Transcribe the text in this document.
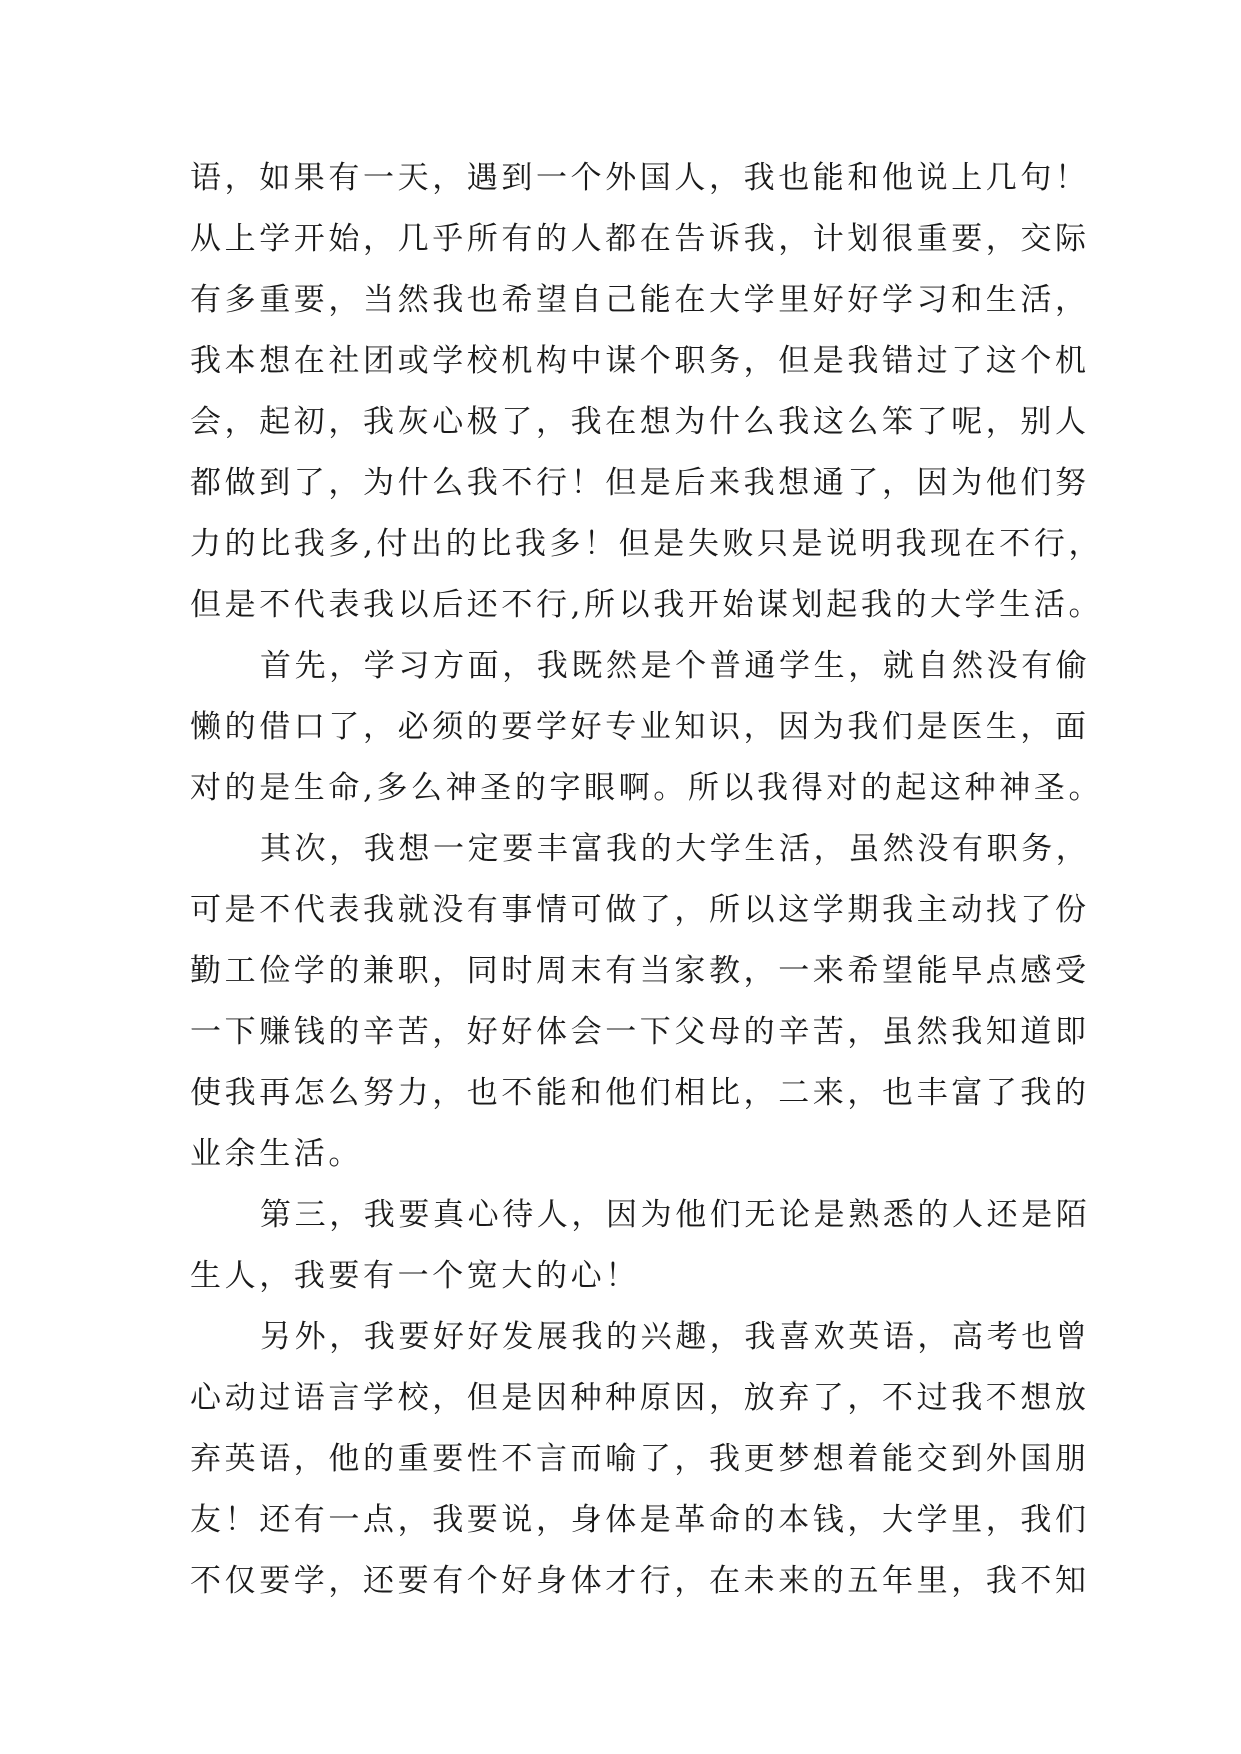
语，如果有一天，遇到一个外国人，我也能和他说上几句！
从上学开始，几乎所有的人都在告诉我，计划很重要，交际
有多重要，当然我也希望自己能在大学里好好学习和生活，
我本想在社团或学校机构中谋个职务，但是我错过了这个机
会，起初，我灰心极了，我在想为什么我这么笨了呢，别人
都做到了，为什么我不行！但是后来我想通了，因为他们努
力的比我多,付出的比我多！但是失败只是说明我现在不行，
但是不代表我以后还不行,所以我开始谋划起我的大学生活。
首先，学习方面，我既然是个普通学生，就自然没有偷
懒的借口了，必须的要学好专业知识，因为我们是医生，面
对的是生命,多么神圣的字眼啊。所以我得对的起这种神圣。
其次，我想一定要丰富我的大学生活，虽然没有职务，
可是不代表我就没有事情可做了，所以这学期我主动找了份
勤工俭学的兼职，同时周末有当家教，一来希望能早点感受
一下赚钱的辛苦，好好体会一下父母的辛苦，虽然我知道即
使我再怎么努力，也不能和他们相比，二来，也丰富了我的
业余生活。
第三，我要真心待人，因为他们无论是熟悉的人还是陌
生人，我要有一个宽大的心！
另外，我要好好发展我的兴趣，我喜欢英语，高考也曾
心动过语言学校，但是因种种原因，放弃了，不过我不想放
弃英语，他的重要性不言而喻了，我更梦想着能交到外国朋
友！还有一点，我要说，身体是革命的本钱，大学里，我们
不仅要学，还要有个好身体才行，在未来的五年里，我不知
